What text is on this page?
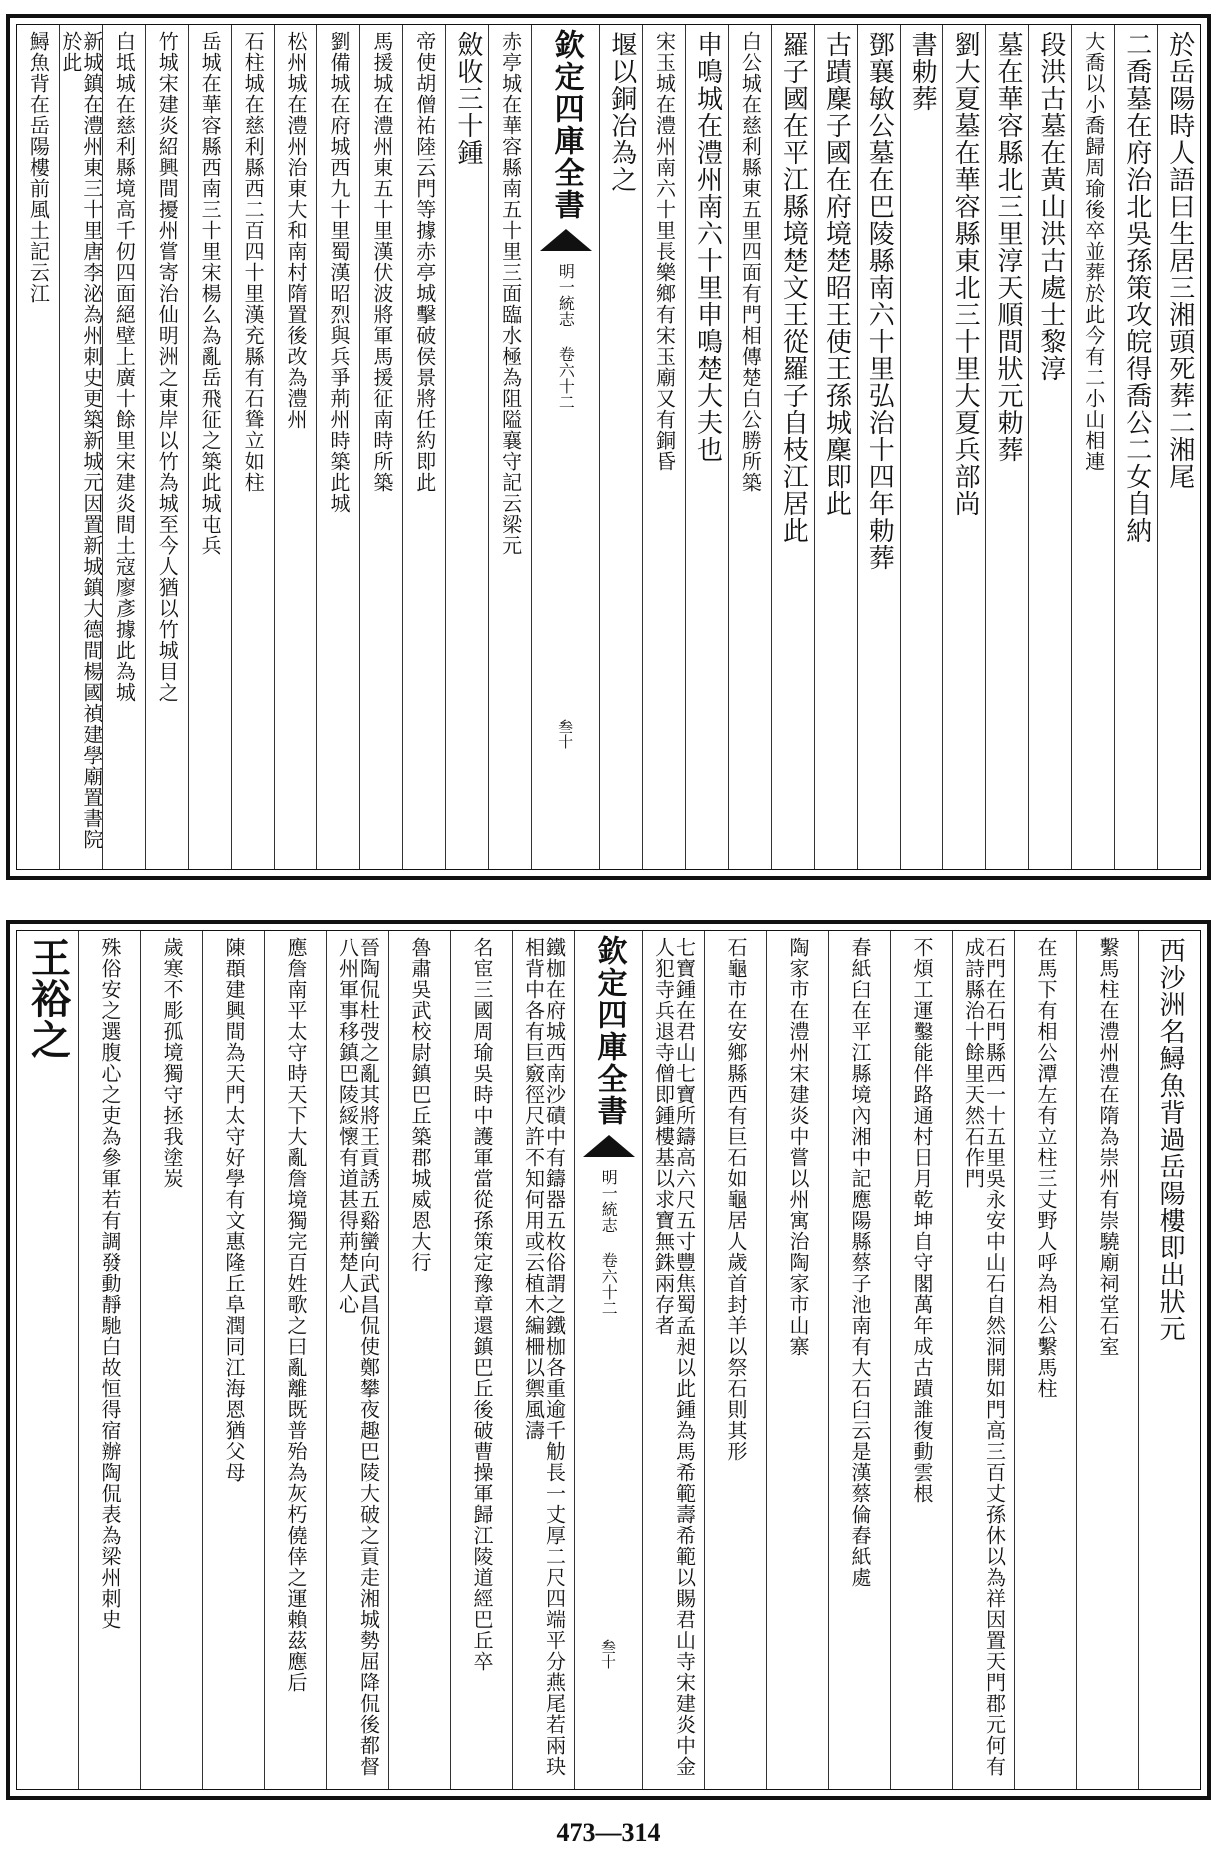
於岳陽時人語曰生居三湘頭死葬二湘尾
二喬墓在府治北吳孫策攻皖得喬公二女自納
大喬以小喬歸周瑜後卒並葬於此今有二小山相連
段洪古墓在黃山洪古處士黎淳
墓在華容縣北三里淳天順間狀元勅葬
劉大夏墓在華容縣東北三十里大夏兵部尚
書勅葬
鄧襄敏公墓在巴陵縣南六十里弘治十四年勅葬
古蹟麇子國在府境楚昭王使王孫城麇即此
羅子國在平江縣境楚文王從羅子自枝江居此
白公城在慈利縣東五里四面有門相傳楚白公勝所築
申鳴城在澧州南六十里申鳴楚大夫也
宋玉城在澧州南六十里長樂鄉有宋玉廟又有銅昏
堰以銅冶為之
欽定四庫全書
明一統志 卷六十二
叁十
赤亭城在華容縣南五十里三面臨水極為阻隘襄守記云梁元
斂收三十鍾
帝使胡僧祐陸云門等據赤亭城擊破侯景將任約即此
馬援城在澧州東五十里漢伏波將軍馬援征南時所築
劉備城在府城西九十里蜀漢昭烈與兵爭荊州時築此城
松州城在澧州治東大和南村隋置後改為澧州
石柱城在慈利縣西二百四十里漢充縣有石聳立如柱
岳城在華容縣西南三十里宋楊么為亂岳飛征之築此城屯兵
竹城宋建炎紹興間擾州嘗寄治仙明洲之東岸以竹為城至今人猶以竹城目之
白坻城在慈利縣境高千仞四面絕壁上廣十餘里宋建炎間土寇廖彥據此為城
新城鎮在澧州東三十里唐李泌為州刺史更築新城元因置新城鎮大德間楊國禎建學廟置書院於此
鱘魚背在岳陽樓前風土記云江
西沙洲名鱘魚背過岳陽樓即出狀元
繫馬柱在澧州澧在隋為崇州有崇驍廟祠堂石室
在馬下有相公潭左有立柱三丈野人呼為相公繫馬柱
石門在石門縣西一十五里吳永安中山石自然洞開如門高三百丈孫休以為祥因置天門郡元何有成詩縣治十餘里天然石作門
不煩工運鑿能伴路通村日月乾坤自守閣萬年成古蹟誰復動雲根
春紙臼在平江縣境內湘中記應陽縣蔡子池南有大石臼云是漢蔡倫舂紙處
陶家市在澧州宋建炎中嘗以州寓治陶家市山寨
石龜市在安鄉縣西有巨石如龜居人歲首封羊以祭石則其形
七寶鍾在君山七寶所鑄高六尺五寸豐焦蜀孟昶以此鍾為馬希範壽希範以賜君山寺宋建炎中金人犯寺兵退寺僧即鍾樓基以求寶無銖兩存者
欽定四庫全書
明一統志 卷六十二
叁十
鐵枷在府城西南沙磧中有鑄器五枚俗謂之鐵枷各重逾千觔長一丈厚二尺四端平分燕尾若兩玦相背中各有巨竅徑尺許不知何用或云植木編柵以禦風濤
名宦三國周瑜吳時中護軍當從孫策定豫章還鎮巴丘後破曹操軍歸江陵道經巴丘卒
魯肅吳武校尉鎮巴丘築郡城威恩大行
晉陶侃杜弢之亂其將王貢誘五谿蠻向武昌侃使鄭攀夜趣巴陵大破之貢走湘城勢屈降侃後都督八州軍事移鎮巴陵綏懷有道甚得荊楚人心
應詹南平太守時天下大亂詹境獨完百姓歌之曰亂離既普殆為灰朽僥倖之運賴茲應后
陳頵建興間為天門太守好學有文惠隆丘阜潤同江海恩猶父母
歲寒不彫孤境獨守拯我塗炭
殊俗安之選腹心之吏為參軍若有調發動靜馳白故恒得宿辦陶侃表為梁州刺史
王裕之
473—314
